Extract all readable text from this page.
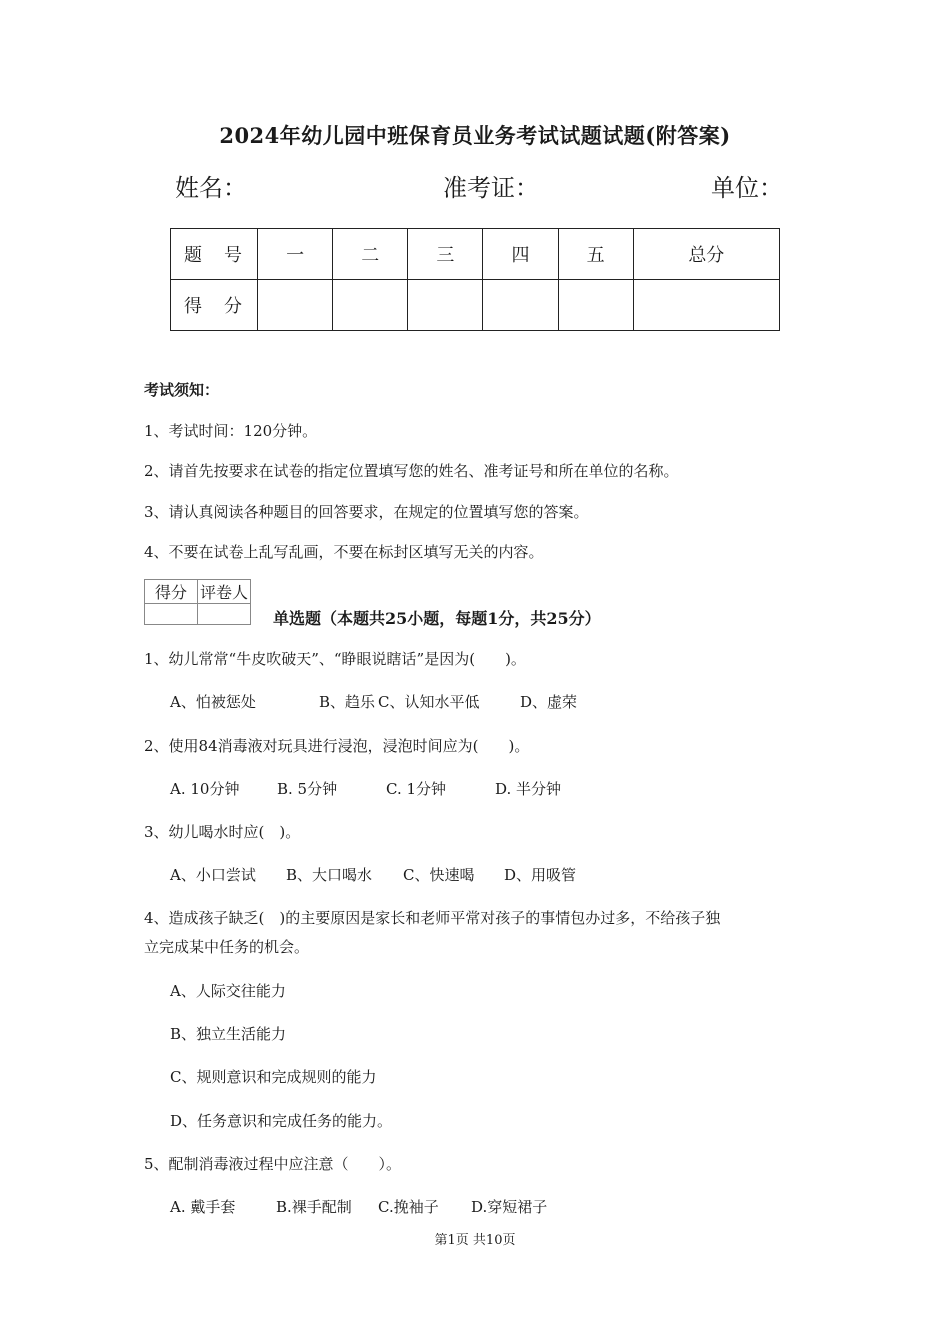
2024年幼儿园中班保育员业务考试试题试题(附答案)
姓名：	准考证：	单位：
题　号	一	二	三	四	五	总分
得　分						
考试须知：
1、考试时间：120分钟。
2、请首先按要求在试卷的指定位置填写您的姓名、准考证号和所在单位的名称。
3、请认真阅读各种题目的回答要求，在规定的位置填写您的答案。
4、不要在试卷上乱写乱画，不要在标封区填写无关的内容。
得分	评卷人

单选题（本题共25小题，每题1分，共25分）
1、幼儿常常“牛皮吹破天”、“睁眼说瞎话”是因为(　　)。
A、怕被惩处	B、趋乐 C、认知水平低	D、虚荣
2、使用84消毒液对玩具进行浸泡，浸泡时间应为(　　)。
A. 10分钟	B. 5分钟	C. 1分钟	D. 半分钟
3、幼儿喝水时应(　)。
A、小口尝试 B、大口喝水 C、快速喝 D、用吸管
4、造成孩子缺乏(　)的主要原因是家长和老师平常对孩子的事情包办过多，不给孩子独
立完成某中任务的机会。
A、人际交往能力
B、独立生活能力
C、规则意识和完成规则的能力
D、任务意识和完成任务的能力。
5、配制消毒液过程中应注意（　　）。
A. 戴手套	B.裸手配制 C.挽袖子 D.穿短裙子
第1页 共10页
